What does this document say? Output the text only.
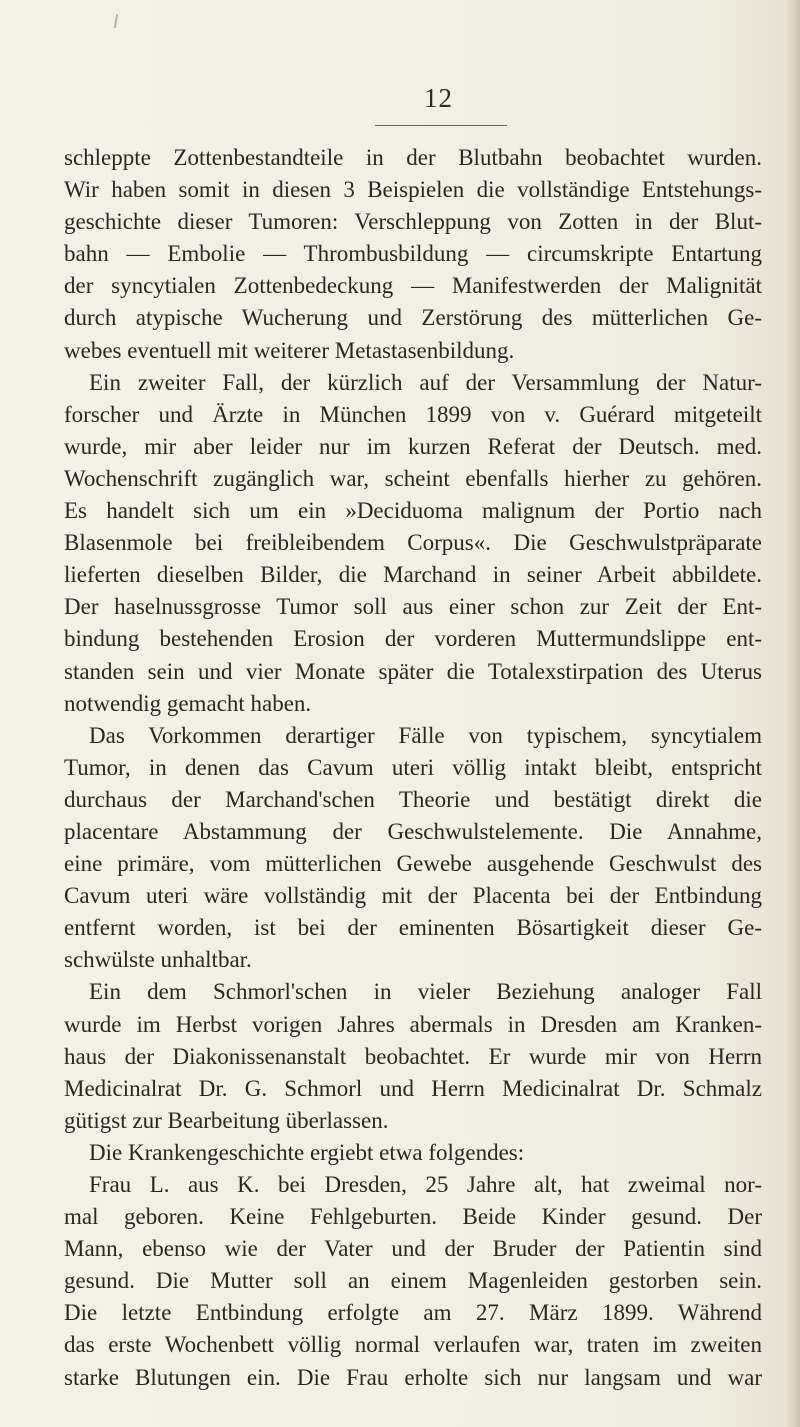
12
schleppte Zottenbestandteile in der Blutbahn beobachtet wurden.
Wir haben somit in diesen 3 Beispielen die vollständige Entstehungs-
geschichte dieser Tumoren: Verschleppung von Zotten in der Blut-
bahn — Embolie — Thrombusbildung — circumskripte Entartung
der syncytialen Zottenbedeckung — Manifestwerden der Malignität
durch atypische Wucherung und Zerstörung des mütterlichen Ge-
webes eventuell mit weiterer Metastasenbildung.
Ein zweiter Fall, der kürzlich auf der Versammlung der Natur-
forscher und Ärzte in München 1899 von v. Guérard mitgeteilt
wurde, mir aber leider nur im kurzen Referat der Deutsch. med.
Wochenschrift zugänglich war, scheint ebenfalls hierher zu gehören.
Es handelt sich um ein »Deciduoma malignum der Portio nach
Blasenmole bei freibleibendem Corpus«. Die Geschwulstpräparate
lieferten dieselben Bilder, die Marchand in seiner Arbeit abbildete.
Der haselnussgrosse Tumor soll aus einer schon zur Zeit der Ent-
bindung bestehenden Erosion der vorderen Muttermundslippe ent-
standen sein und vier Monate später die Totalexstirpation des Uterus
notwendig gemacht haben.
Das Vorkommen derartiger Fälle von typischem, syncytialem
Tumor, in denen das Cavum uteri völlig intakt bleibt, entspricht
durchaus der Marchand'schen Theorie und bestätigt direkt die
placentare Abstammung der Geschwulstelemente. Die Annahme,
eine primäre, vom mütterlichen Gewebe ausgehende Geschwulst des
Cavum uteri wäre vollständig mit der Placenta bei der Entbindung
entfernt worden, ist bei der eminenten Bösartigkeit dieser Ge-
schwülste unhaltbar.
Ein dem Schmorl'schen in vieler Beziehung analoger Fall
wurde im Herbst vorigen Jahres abermals in Dresden am Kranken-
haus der Diakonissenanstalt beobachtet. Er wurde mir von Herrn
Medicinalrat Dr. G. Schmorl und Herrn Medicinalrat Dr. Schmalz
gütigst zur Bearbeitung überlassen.
Die Krankengeschichte ergiebt etwa folgendes:
Frau L. aus K. bei Dresden, 25 Jahre alt, hat zweimal nor-
mal geboren. Keine Fehlgeburten. Beide Kinder gesund. Der
Mann, ebenso wie der Vater und der Bruder der Patientin sind
gesund. Die Mutter soll an einem Magenleiden gestorben sein.
Die letzte Entbindung erfolgte am 27. März 1899. Während
das erste Wochenbett völlig normal verlaufen war, traten im zweiten
starke Blutungen ein. Die Frau erholte sich nur langsam und war
